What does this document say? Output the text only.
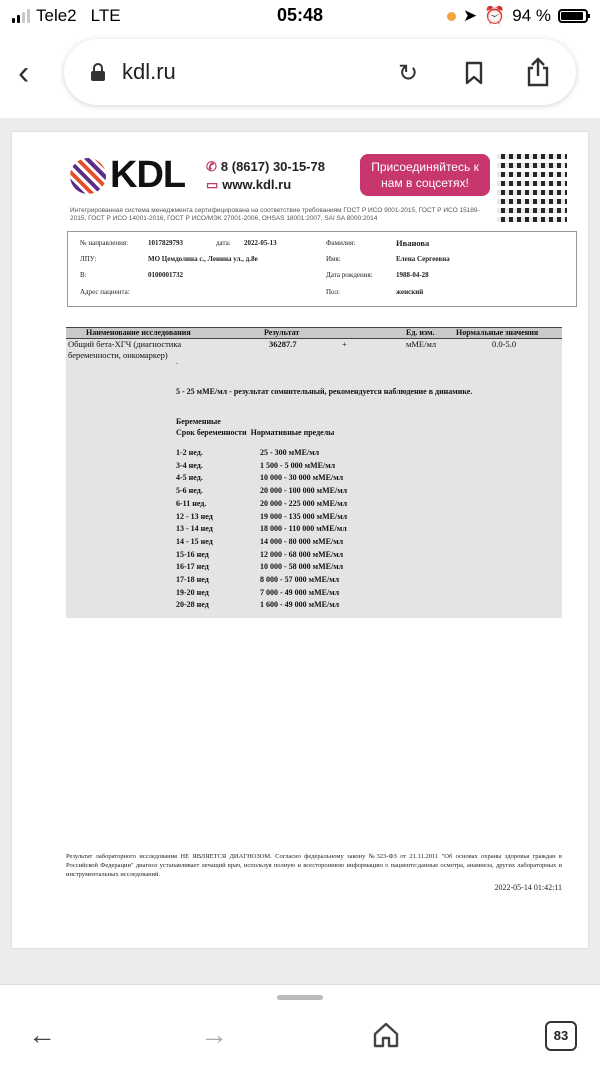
Tele2 LTE	05:48	➤ ⏰ 94 %
‹	kdl.ru	↻
KDL ✆ 8 (8617) 30-15-78
▭ www.kdl.ru
Присоединяйтесь к нам в соцсетях!
Интегрированная система менеджмента сертифицирована на соответствие требованиям ГОСТ Р ИСО 9001-2015, ГОСТ Р ИСО 15189-2015, ГОСТ Р ИСО 14001-2016, ГОСТ Р ИСО/МЭК 27001-2006, OHSAS 18001:2007, SAI SA 8000:2014
№ направления:	1017829793	дата: 2022-05-13	Фамилия:	Иванова
ЛПУ:	МО Цемдолина с., Ленина ул., д.8е	Имя:	Елена Сергеевна
В:	0100001732	Дата рождения:	1988-04-28
Адрес пациента:	Пол:	женский
Наименование исследования	Результат	Ед. изм.	Нормальные значения
Общий бета-ХГЧ (диагностика беременности, онкомаркер)
36287.7	+	мМЕ/мл	0.0-5.0
.
5 - 25 мМЕ/мл - результат сомнительный, рекомендуется наблюдение в динамике.
Беременные
Срок беременности  Нормативные пределы
1-2 нед.	25 - 300 мМЕ/мл
3-4 нед.	1 500 - 5 000 мМЕ/мл
4-5 нед.	10 000 - 30 000 мМЕ/мл
5-6 нед.	20 000 - 100 000 мМЕ/мл
6-11 нед.	20 000 - 225 000 мМЕ/мл
12 - 13 нед	19 000 - 135 000 мМЕ/мл
13 - 14 нед	18 000 - 110 000 мМЕ/мл
14 - 15 нед	14 000 - 80 000 мМЕ/мл
15-16 нед	12 000 - 68 000 мМЕ/мл
16-17 нед	10 000 - 58 000 мМЕ/мл
17-18 нед	8 000 - 57 000 мМЕ/мл
19-20 нед	7 000 - 49 000 мМЕ/мл
20-28 нед	1 600 - 49 000 мМЕ/мл
Результат лабораторного исследования НЕ ЯВЛЯЕТСЯ ДИАГНОЗОМ. Согласно федеральному закону №323-ФЗ от 21.11.2011 "Об основах охраны здоровья граждан в Российской Федерации" диагноз устанавливает лечащий врач, используя полную и всестороннюю информацию о пациенте:данные осмотра, анамнеза, других лабораторных и инструментальных исследований.
2022-05-14 01:42:11
←	→	83
